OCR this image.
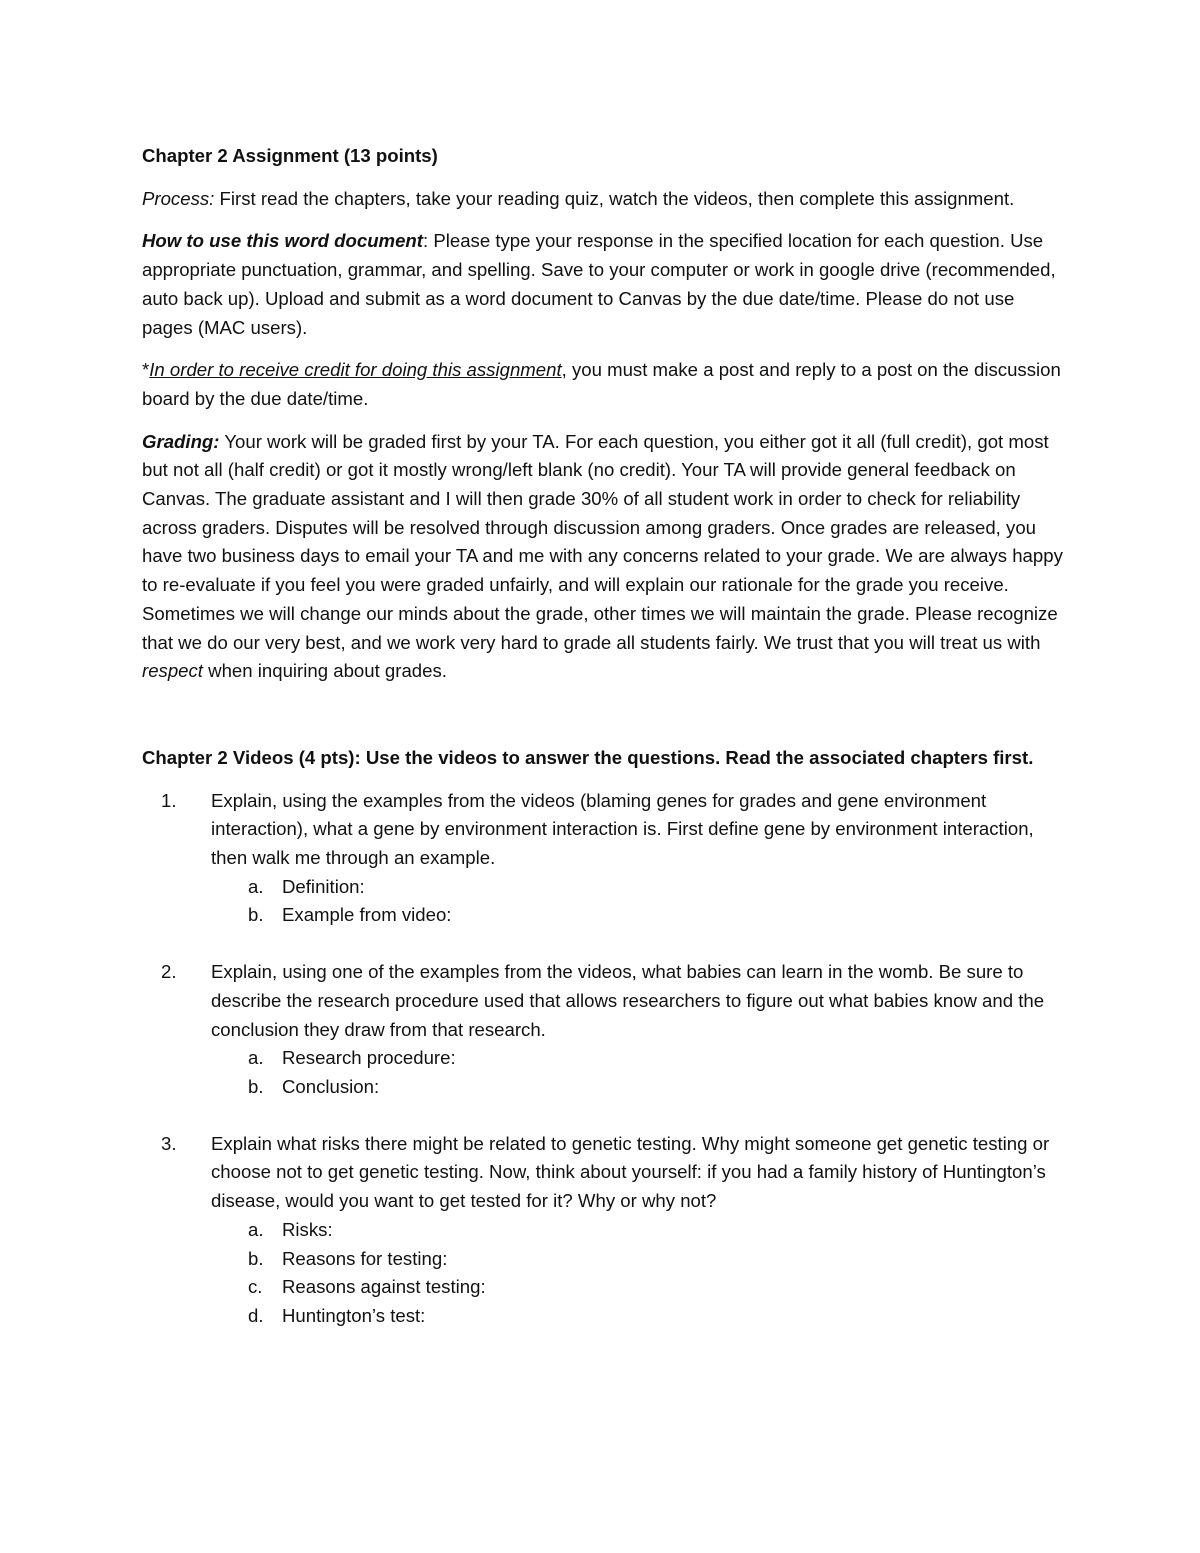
Chapter 2 Assignment (13 points)

Process: First read the chapters, take your reading quiz, watch the videos, then complete this assignment.

How to use this word document: Please type your response in the specified location for each question. Use appropriate punctuation, grammar, and spelling. Save to your computer or work in google drive (recommended, auto back up). Upload and submit as a word document to Canvas by the due date/time. Please do not use pages (MAC users).

*In order to receive credit for doing this assignment, you must make a post and reply to a post on the discussion board by the due date/time.

Grading: Your work will be graded first by your TA. For each question, you either got it all (full credit), got most but not all (half credit) or got it mostly wrong/left blank (no credit). Your TA will provide general feedback on Canvas. The graduate assistant and I will then grade 30% of all student work in order to check for reliability across graders. Disputes will be resolved through discussion among graders. Once grades are released, you have two business days to email your TA and me with any concerns related to your grade. We are always happy to re-evaluate if you feel you were graded unfairly, and will explain our rationale for the grade you receive. Sometimes we will change our minds about the grade, other times we will maintain the grade. Please recognize that we do our very best, and we work very hard to grade all students fairly. We trust that you will treat us with respect when inquiring about grades.

Chapter 2 Videos (4 pts): Use the videos to answer the questions. Read the associated chapters first.

1. Explain, using the examples from the videos (blaming genes for grades and gene environment interaction), what a gene by environment interaction is. First define gene by environment interaction, then walk me through an example.
a. Definition:
b. Example from video:
2. Explain, using one of the examples from the videos, what babies can learn in the womb. Be sure to describe the research procedure used that allows researchers to figure out what babies know and the conclusion they draw from that research.
a. Research procedure:
b. Conclusion:
3. Explain what risks there might be related to genetic testing. Why might someone get genetic testing or choose not to get genetic testing. Now, think about yourself: if you had a family history of Huntington’s disease, would you want to get tested for it? Why or why not?
a. Risks:
b. Reasons for testing:
c. Reasons against testing:
d. Huntington’s test:
